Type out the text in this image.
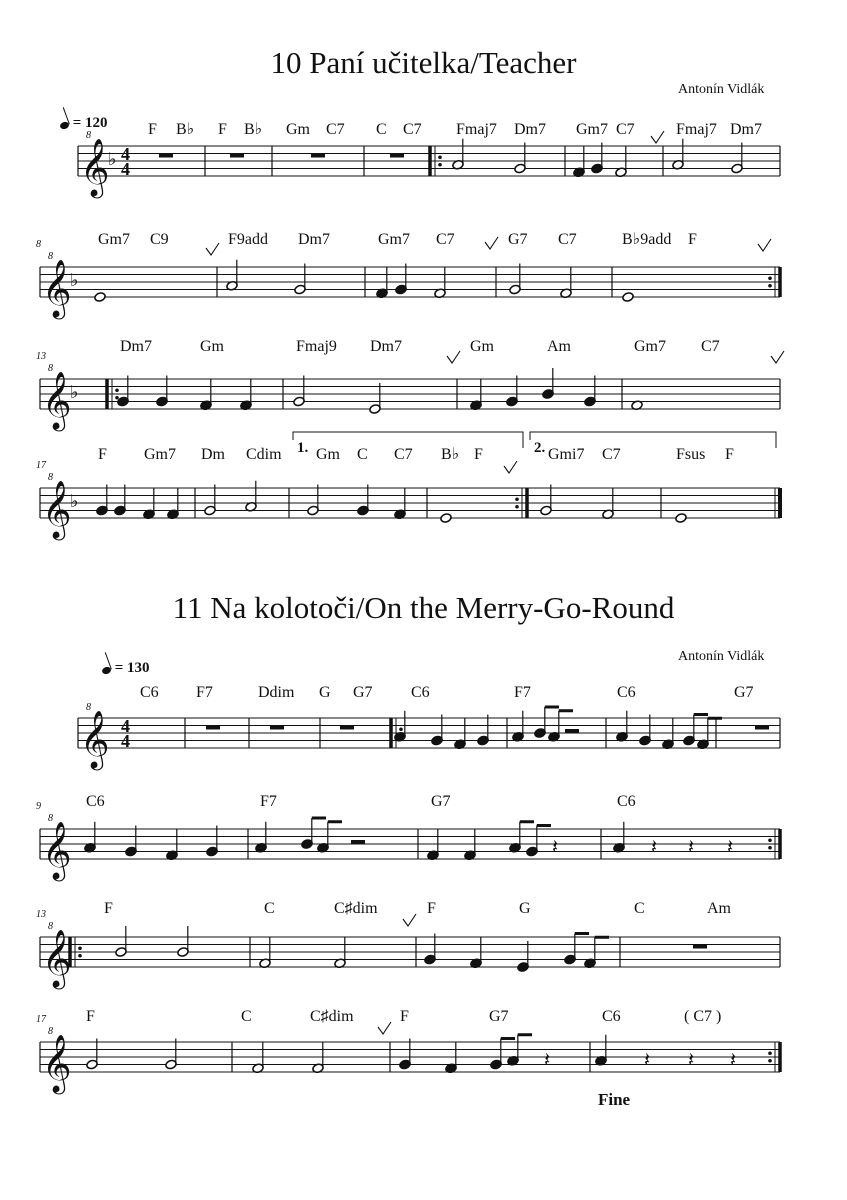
𝄞
8
♭ 4
4
F B♭ F B♭ Gm C7 C C7 Fmaj7 Dm7 Gm7 C7	Fmaj7 Dm7
𝄞
8
♭
8	Gm7 C9	F9add Dm7	Gm7 C7	G7 C7	B♭9add F
𝄞
8
♭
13
Dm7	Gm	Fmaj9 Dm7	Gm	Am	Gm7 C7
𝄞
8
♭
17
F Gm7 Dm Cdim Gm C C7 B♭ F	Gmi7 C7	Fsus F
1.	2.
𝄞
8
4
4
C6 F7	Ddim G G7 C6	F7	C6	G7
𝄞
8
9	C6	F7	G7	C6
𝄽	𝄽 𝄽 𝄽
𝄞
8
13	F	C	C♯dim	F	G	C	Am
𝄞
8
17	F	C	C♯dim	F	G7	C6	( C7 )
𝄽	𝄽 𝄽 𝄽
10 Paní učitelka/Teacher
Antonín Vidlák
= 120
11 Na kolotoči/On the Merry-Go-Round
Antonín Vidlák
= 130
Fine
